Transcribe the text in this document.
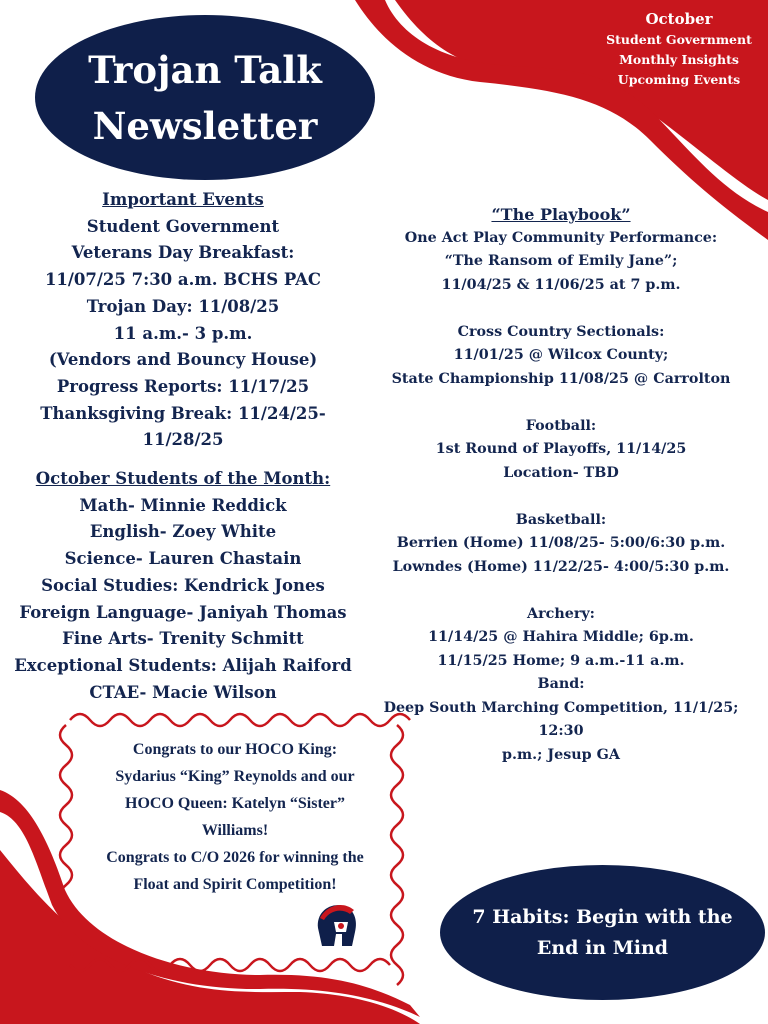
Trojan Talk
Newsletter
October
Student Government
Monthly Insights
Upcoming Events
Important Events
Student Government
Veterans Day Breakfast:
11/07/25 7:30 a.m. BCHS PAC
Trojan Day: 11/08/25
11 a.m.- 3 p.m.
(Vendors and Bouncy House)
Progress Reports: 11/17/25
Thanksgiving Break: 11/24/25-11/28/25
October Students of the Month:
Math- Minnie Reddick
English- Zoey White
Science- Lauren Chastain
Social Studies: Kendrick Jones
Foreign Language- Janiyah Thomas
Fine Arts- Trenity Schmitt
Exceptional Students: Alijah Raiford
CTAE- Macie Wilson
“The Playbook”
One Act Play Community Performance:
“The Ransom of Emily Jane”;
11/04/25 & 11/06/25 at 7 p.m.
Cross Country Sectionals:
11/01/25 @ Wilcox County;
State Championship 11/08/25 @ Carrolton
Football:
1st Round of Playoffs, 11/14/25
Location- TBD
Basketball:
Berrien (Home) 11/08/25- 5:00/6:30 p.m.
Lowndes (Home) 11/22/25- 4:00/5:30 p.m.
Archery:
11/14/25 @ Hahira Middle; 6p.m.
11/15/25 Home; 9 a.m.-11 a.m.
Band:
Deep South Marching Competition, 11/1/25; 12:30
p.m.; Jesup GA
Congrats to our HOCO King:
Sydarius “King” Reynolds and our
HOCO Queen: Katelyn “Sister”
Williams!
Congrats to C/O 2026 for winning the
Float and Spirit Competition!
7 Habits: Begin with the
End in Mind
